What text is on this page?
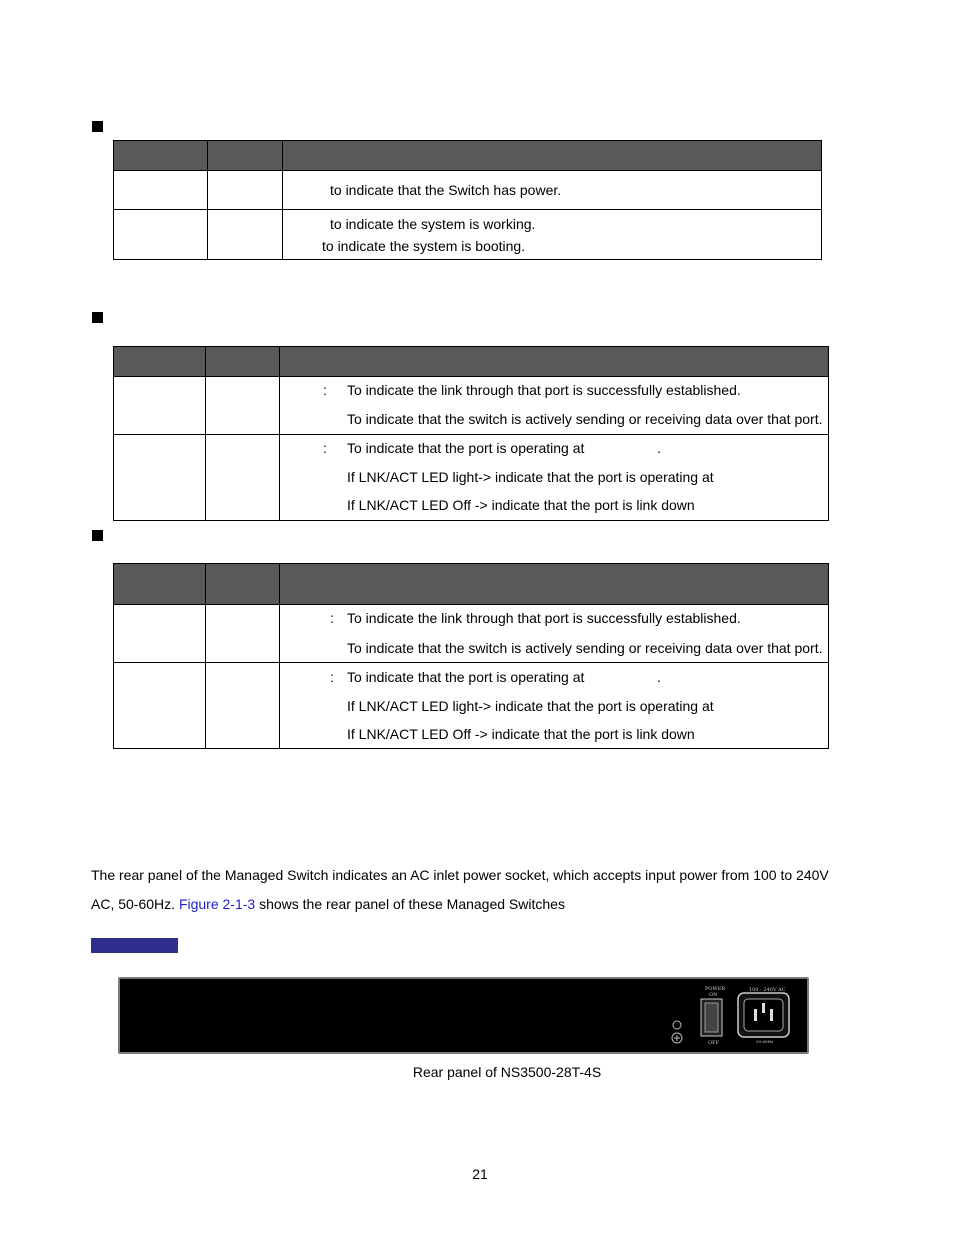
to indicate that the Switch has power.
to indicate the system is working.
to indicate the system is booting.

: To indicate the link through that port is successfully established.
To indicate that the switch is actively sending or receiving data over that port.
: To indicate that the port is operating at	.
If LNK/ACT LED light-> indicate that the port is operating at
If LNK/ACT LED Off -> indicate that the port is link down

: To indicate the link through that port is successfully established.
To indicate that the switch is actively sending or receiving data over that port.
: To indicate that the port is operating at	.
If LNK/ACT LED light-> indicate that the port is operating at
If LNK/ACT LED Off -> indicate that the port is link down
The rear panel of the Managed Switch indicates an AC inlet power socket, which accepts input power from 100 to 240V
AC, 50-60Hz. Figure 2-1-3 shows the rear panel of these Managed Switches
POWER
ON
OFF
100 - 240V AC
50-60Hz
Rear panel of NS3500-28T-4S
21
